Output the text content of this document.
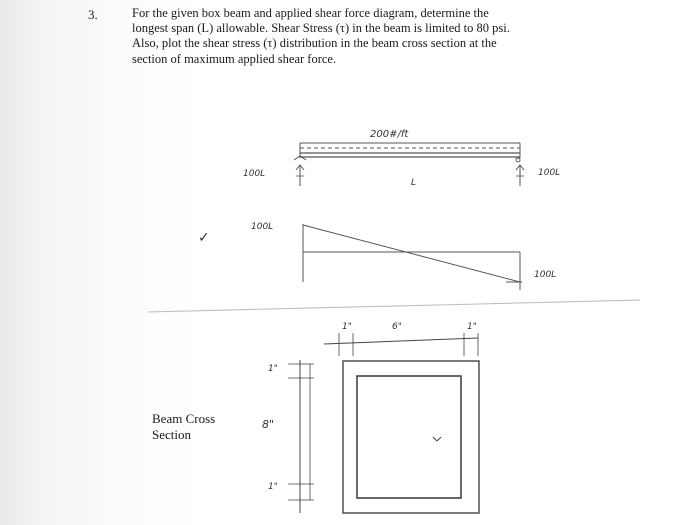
3.	For the given box beam and applied shear force diagram, determine the
longest span (L) allowable. Shear Stress (τ) in the beam is limited to 80 psi.
Also, plot the shear stress (τ) distribution in the beam cross section at the
section of maximum applied shear force.
200#/ft
100L	100L
L
100L
100L
✓
1"	6"	1"
1"
8"
1"
Beam Cross
Section
